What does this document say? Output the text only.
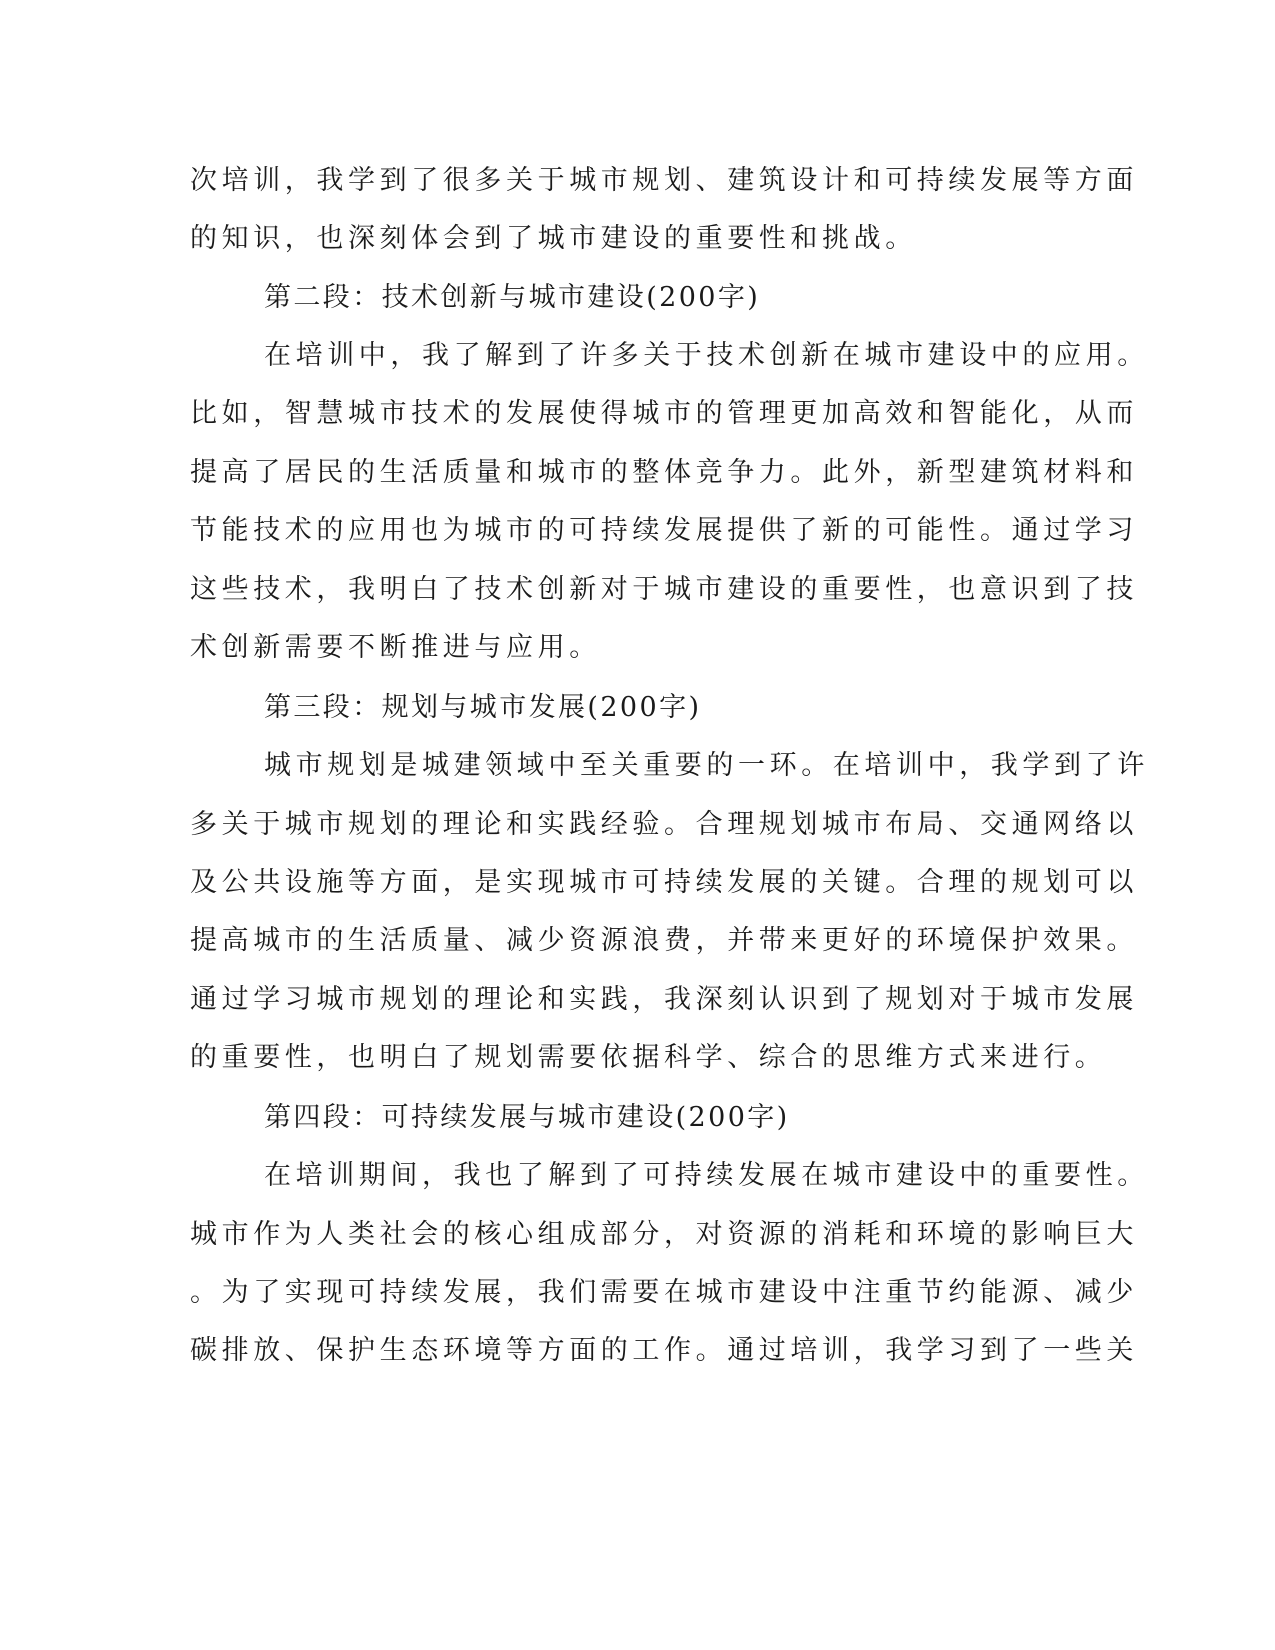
次培训，我学到了很多关于城市规划、建筑设计和可持续发展等方面
的知识，也深刻体会到了城市建设的重要性和挑战。
第二段：技术创新与城市建设(200字)
在培训中，我了解到了许多关于技术创新在城市建设中的应用。
比如，智慧城市技术的发展使得城市的管理更加高效和智能化，从而
提高了居民的生活质量和城市的整体竞争力。此外，新型建筑材料和
节能技术的应用也为城市的可持续发展提供了新的可能性。通过学习
这些技术，我明白了技术创新对于城市建设的重要性，也意识到了技
术创新需要不断推进与应用。
第三段：规划与城市发展(200字)
城市规划是城建领域中至关重要的一环。在培训中，我学到了许
多关于城市规划的理论和实践经验。合理规划城市布局、交通网络以
及公共设施等方面，是实现城市可持续发展的关键。合理的规划可以
提高城市的生活质量、减少资源浪费，并带来更好的环境保护效果。
通过学习城市规划的理论和实践，我深刻认识到了规划对于城市发展
的重要性，也明白了规划需要依据科学、综合的思维方式来进行。
第四段：可持续发展与城市建设(200字)
在培训期间，我也了解到了可持续发展在城市建设中的重要性。
城市作为人类社会的核心组成部分，对资源的消耗和环境的影响巨大
。为了实现可持续发展，我们需要在城市建设中注重节约能源、减少
碳排放、保护生态环境等方面的工作。通过培训，我学习到了一些关
